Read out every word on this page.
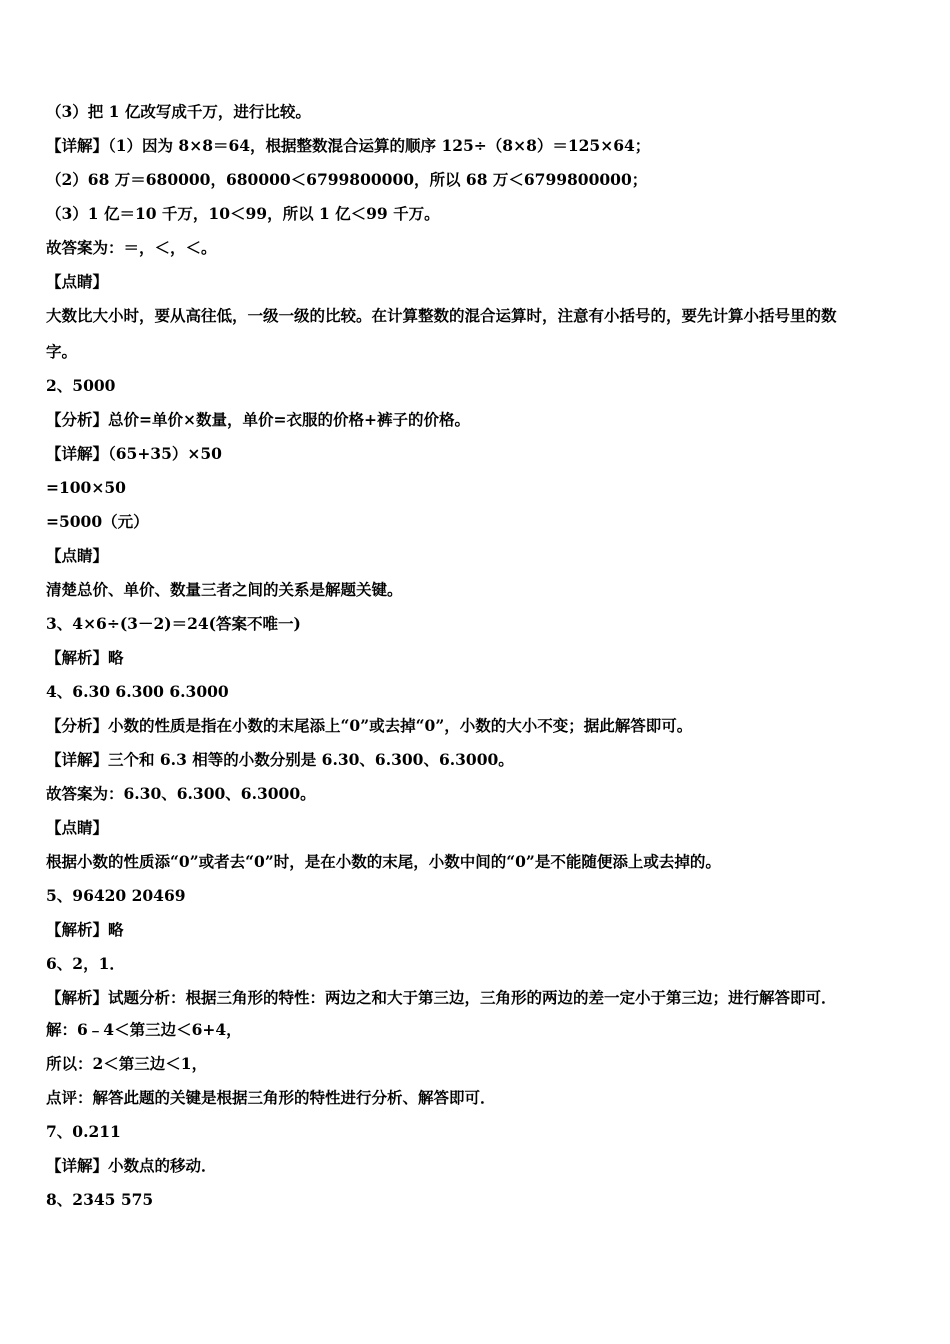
（3）把 1 亿改写成千万，进行比较。
【详解】（1）因为 8×8＝64，根据整数混合运算的顺序 125÷（8×8）＝125×64；
（2）68 万＝680000，680000＜6799800000，所以 68 万＜6799800000；
（3）1 亿＝10 千万，10＜99，所以 1 亿＜99 千万。
故答案为：＝，＜，＜。
【点睛】
大数比大小时，要从高往低，一级一级的比较。在计算整数的混合运算时，注意有小括号的，要先计算小括号里的数
字。
2、5000
【分析】总价=单价×数量，单价=衣服的价格+裤子的价格。
【详解】（65+35）×50
=100×50
=5000（元）
【点睛】
清楚总价、单价、数量三者之间的关系是解题关键。
3、4×6÷(3－2)＝24(答案不唯一)
【解析】略
4、6.30 6.300 6.3000
【分析】小数的性质是指在小数的末尾添上“0”或去掉“0”，小数的大小不变；据此解答即可。
【详解】三个和 6.3 相等的小数分别是 6.30、6.300、6.3000。
故答案为：6.30、6.300、6.3000。
【点睛】
根据小数的性质添“0”或者去“0”时，是在小数的末尾，小数中间的“0”是不能随便添上或去掉的。
5、96420 20469
【解析】略
6、2，1．
【解析】试题分析：根据三角形的特性：两边之和大于第三边，三角形的两边的差一定小于第三边；进行解答即可．
解：6﹣4＜第三边＜6+4，
所以：2＜第三边＜1，
点评：解答此题的关键是根据三角形的特性进行分析、解答即可．
7、0.211
【详解】小数点的移动．
8、2345 575
